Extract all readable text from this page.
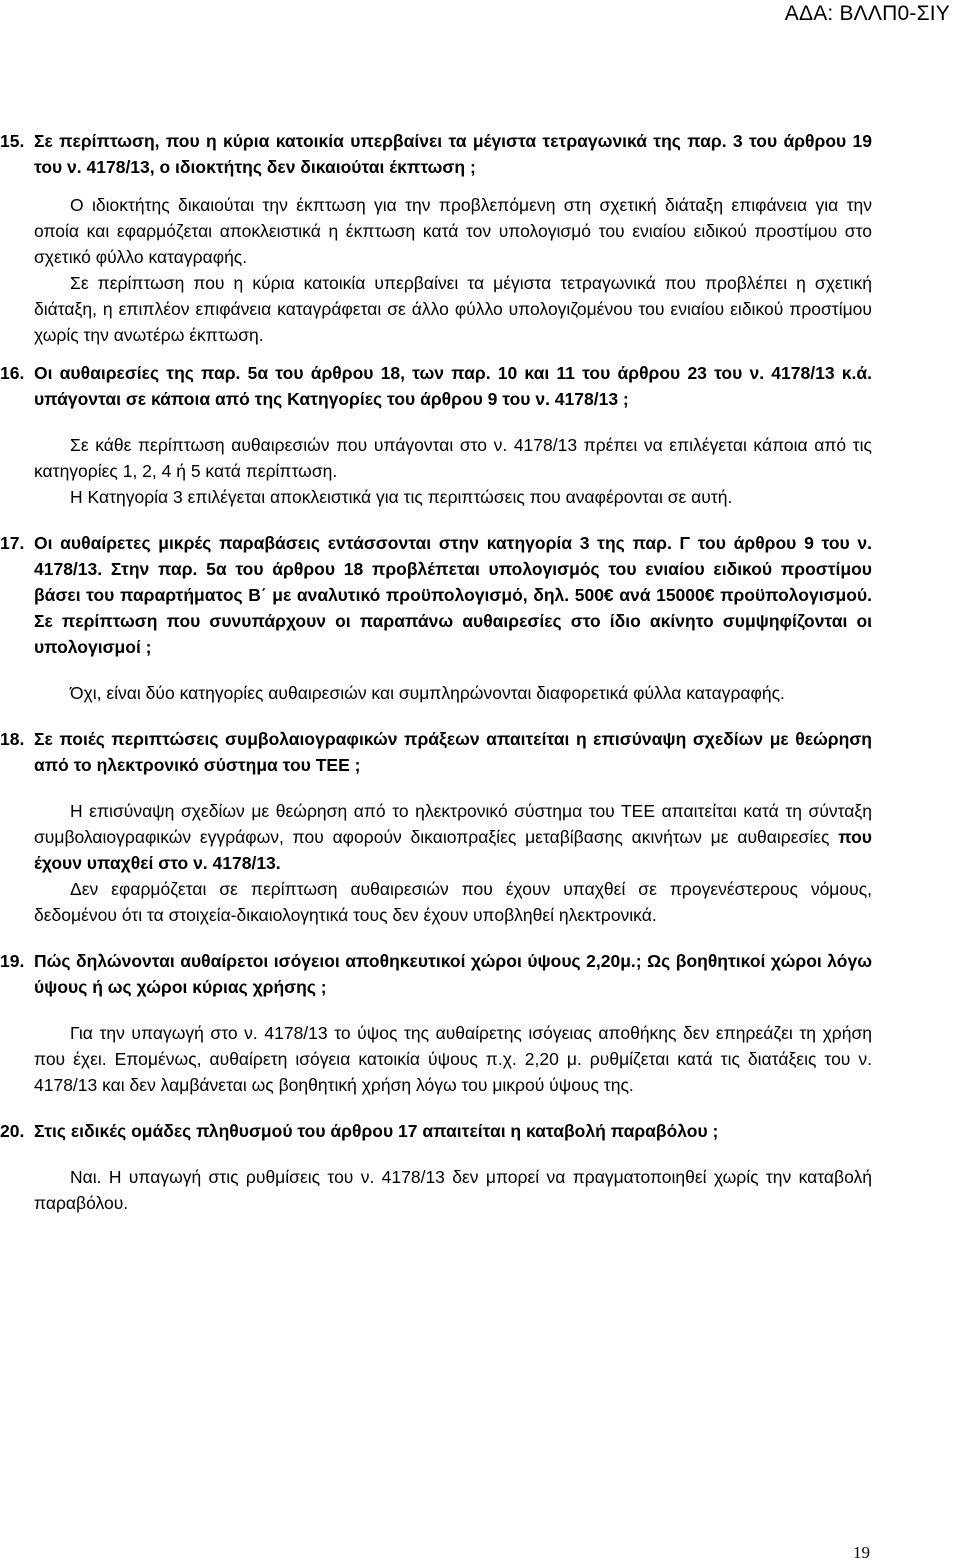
ΑΔΑ: ΒΛΛΠ0-ΣΙΥ
15. Σε περίπτωση, που η κύρια κατοικία υπερβαίνει τα μέγιστα τετραγωνικά της παρ. 3 του άρθρου 19 του ν. 4178/13, ο ιδιοκτήτης δεν δικαιούται έκπτωση ;

Ο ιδιοκτήτης δικαιούται την έκπτωση για την προβλεπόμενη στη σχετική διάταξη επιφάνεια για την οποία και εφαρμόζεται αποκλειστικά η έκπτωση κατά τον υπολογισμό του ενιαίου ειδικού προστίμου στο σχετικό φύλλο καταγραφής.

Σε περίπτωση που η κύρια κατοικία υπερβαίνει τα μέγιστα τετραγωνικά που προβλέπει η σχετική διάταξη, η επιπλέον επιφάνεια καταγράφεται σε άλλο φύλλο υπολογιζομένου του ενιαίου ειδικού προστίμου χωρίς την ανωτέρω έκπτωση.

16. Οι αυθαιρεσίες της παρ. 5α του άρθρου 18, των παρ. 10 και 11 του άρθρου 23 του ν. 4178/13 κ.ά. υπάγονται σε κάποια από της Κατηγορίες του άρθρου 9 του ν. 4178/13 ;

Σε κάθε περίπτωση αυθαιρεσιών που υπάγονται στο ν. 4178/13 πρέπει να επιλέγεται κάποια από τις κατηγορίες 1, 2, 4 ή 5 κατά περίπτωση.

Η Κατηγορία 3 επιλέγεται αποκλειστικά για τις περιπτώσεις που αναφέρονται σε αυτή.

17. Οι αυθαίρετες μικρές παραβάσεις εντάσσονται στην κατηγορία 3 της παρ. Γ του άρθρου 9 του ν. 4178/13. Στην παρ. 5α του άρθρου 18 προβλέπεται υπολογισμός του ενιαίου ειδικού προστίμου βάσει του παραρτήματος Β΄ με αναλυτικό προϋπολογισμό, δηλ. 500€ ανά 15000€ προϋπολογισμού. Σε περίπτωση που συνυπάρχουν οι παραπάνω αυθαιρεσίες στο ίδιο ακίνητο συμψηφίζονται οι υπολογισμοί ;

Όχι, είναι δύο κατηγορίες αυθαιρεσιών και συμπληρώνονται διαφορετικά φύλλα καταγραφής.

18. Σε ποιές περιπτώσεις συμβολαιογραφικών πράξεων απαιτείται η επισύναψη σχεδίων με θεώρηση από το ηλεκτρονικό σύστημα του ΤΕΕ ;

Η επισύναψη σχεδίων με θεώρηση από το ηλεκτρονικό σύστημα του ΤΕΕ απαιτείται κατά τη σύνταξη συμβολαιογραφικών εγγράφων, που αφορούν δικαιοπραξίες μεταβίβασης ακινήτων με αυθαιρεσίες που έχουν υπαχθεί στο ν. 4178/13.

Δεν εφαρμόζεται σε περίπτωση αυθαιρεσιών που έχουν υπαχθεί σε προγενέστερους νόμους, δεδομένου ότι τα στοιχεία-δικαιολογητικά τους δεν έχουν υποβληθεί ηλεκτρονικά.

19. Πώς δηλώνονται αυθαίρετοι ισόγειοι αποθηκευτικοί χώροι ύψους 2,20μ.; Ως βοηθητικοί χώροι λόγω ύψους ή ως χώροι κύριας χρήσης ;

Για την υπαγωγή στο ν. 4178/13 το ύψος της αυθαίρετης ισόγειας αποθήκης δεν επηρεάζει τη χρήση που έχει. Επομένως, αυθαίρετη ισόγεια κατοικία ύψους π.χ. 2,20 μ. ρυθμίζεται κατά τις διατάξεις του ν. 4178/13 και δεν λαμβάνεται ως βοηθητική χρήση λόγω του μικρού ύψους της.

20. Στις ειδικές ομάδες πληθυσμού του άρθρου 17 απαιτείται η καταβολή παραβόλου ;

Ναι. Η υπαγωγή στις ρυθμίσεις του ν. 4178/13 δεν μπορεί να πραγματοποιηθεί χωρίς την καταβολή παραβόλου.

19
